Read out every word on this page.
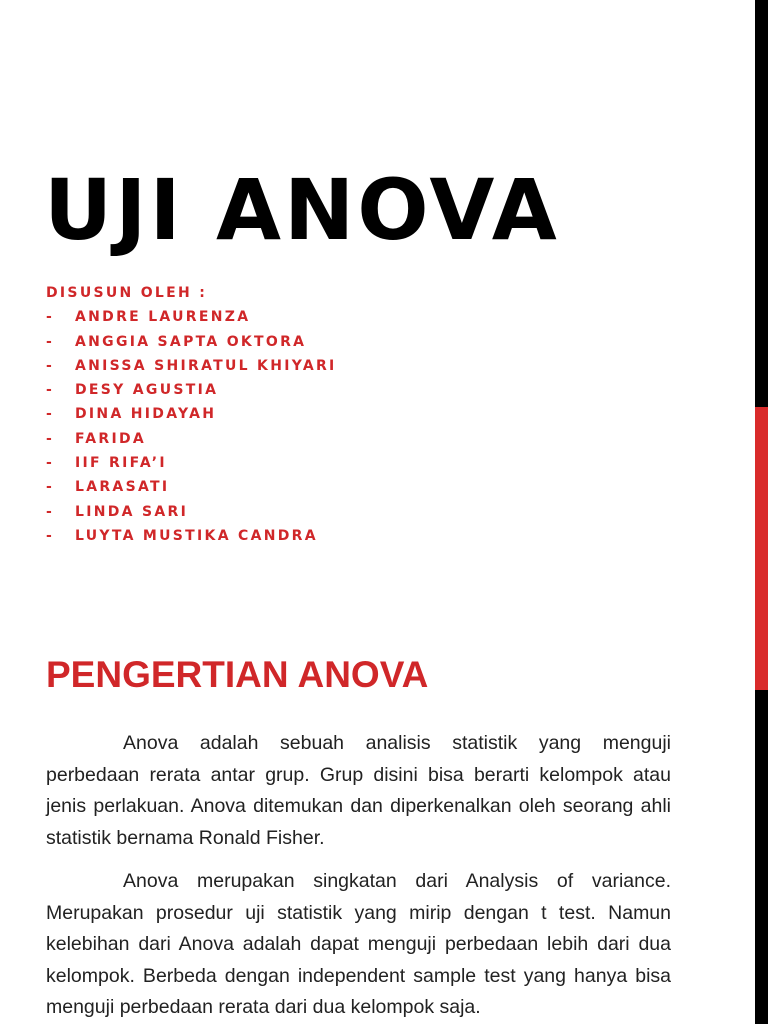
UJI ANOVA
DISUSUN OLEH :
- ANDRE LAURENZA
- ANGGIA SAPTA OKTORA
- ANISSA SHIRATUL KHIYARI
- DESY AGUSTIA
- DINA HIDAYAH
- FARIDA
- IIF RIFA’I
- LARASATI
- LINDA SARI
- LUYTA MUSTIKA CANDRA
PENGERTIAN ANOVA

Anova adalah sebuah analisis statistik yang menguji perbedaan rerata antar grup. Grup disini bisa berarti kelompok atau jenis perlakuan. Anova ditemukan dan diperkenalkan oleh seorang ahli statistik bernama Ronald Fisher.

Anova merupakan singkatan dari Analysis of variance. Merupakan prosedur uji statistik yang mirip dengan t test. Namun kelebihan dari Anova adalah dapat menguji perbedaan lebih dari dua kelompok. Berbeda dengan independent sample test yang hanya bisa menguji perbedaan rerata dari dua kelompok saja.
